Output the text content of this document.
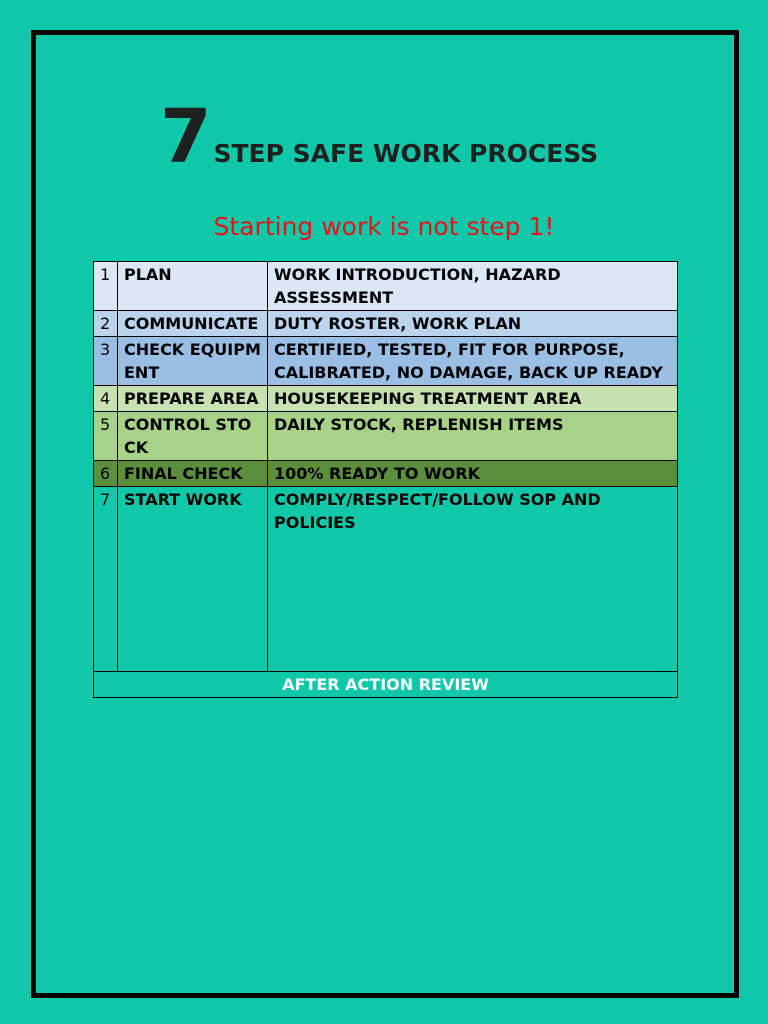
7 STEP SAFE WORK PROCESS
Starting work is not step 1!
1	PLAN	WORK INTRODUCTION, HAZARD ASSESSMENT
2	COMMUNICATE	DUTY ROSTER, WORK PLAN
3	CHECK EQUIPMENT	CERTIFIED, TESTED, FIT FOR PURPOSE, CALIBRATED, NO DAMAGE, BACK UP READY
4	PREPARE AREA	HOUSEKEEPING TREATMENT AREA
5	CONTROL STOCK	DAILY STOCK, REPLENISH ITEMS
6	FINAL CHECK	100% READY TO WORK
7	START WORK	COMPLY/RESPECT/FOLLOW SOP AND POLICIES
AFTER ACTION REVIEW		
